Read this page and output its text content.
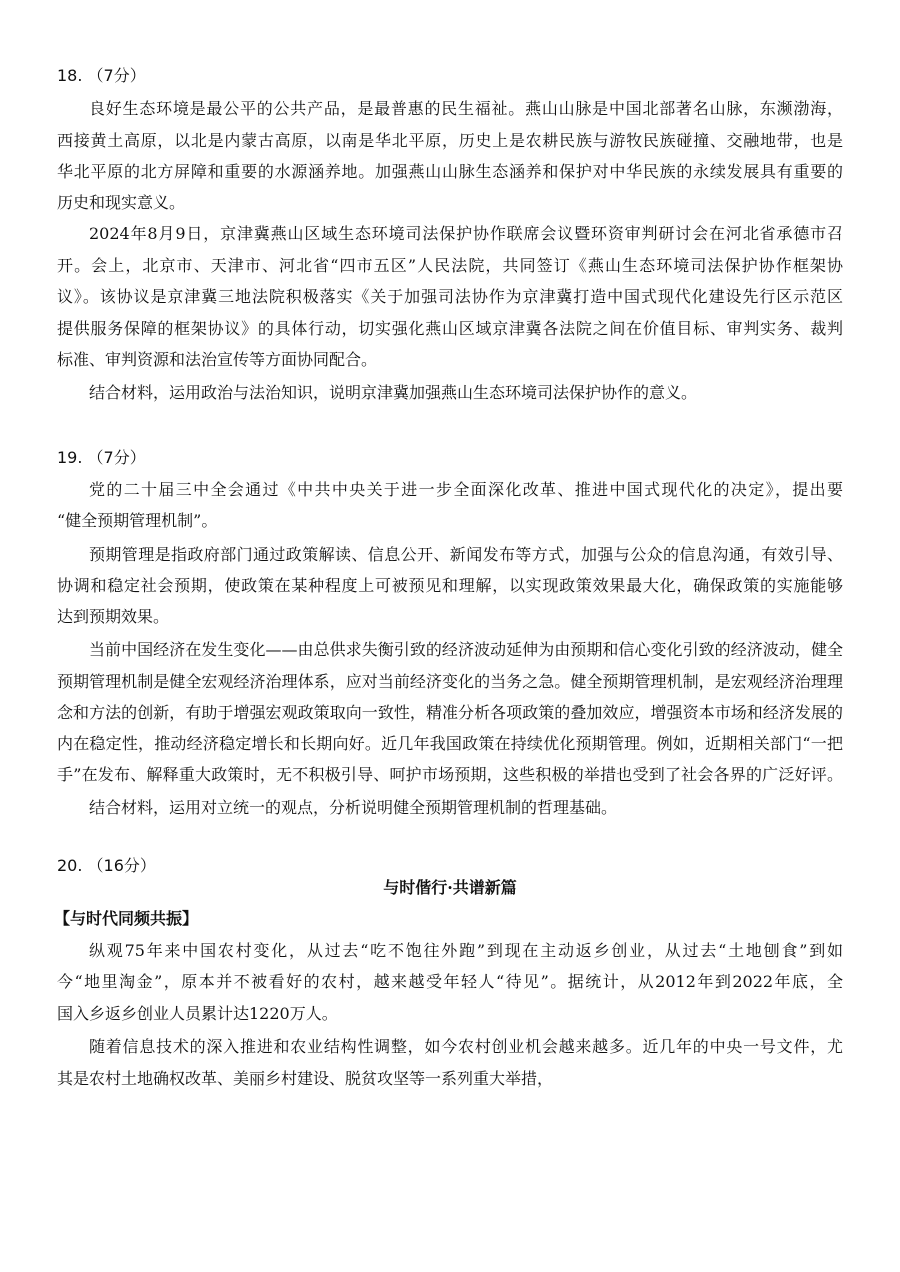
18. （7分）
良好生态环境是最公平的公共产品，是最普惠的民生福祉。燕山山脉是中国北部著名山脉，东濒渤海，
西接黄土高原，以北是内蒙古高原，以南是华北平原，历史上是农耕民族与游牧民族碰撞、交融地带，也是
华北平原的北方屏障和重要的水源涵养地。加强燕山山脉生态涵养和保护对中华民族的永续发展具有重要的
历史和现实意义。
2024年8月9日，京津冀燕山区域生态环境司法保护协作联席会议暨环资审判研讨会在河北省承德市召
开。会上，北京市、天津市、河北省“四市五区”人民法院，共同签订《燕山生态环境司法保护协作框架协
议》。该协议是京津冀三地法院积极落实《关于加强司法协作为京津冀打造中国式现代化建设先行区示范区
提供服务保障的框架协议》的具体行动，切实强化燕山区域京津冀各法院之间在价值目标、审判实务、裁判
标准、审判资源和法治宣传等方面协同配合。
结合材料，运用政治与法治知识，说明京津冀加强燕山生态环境司法保护协作的意义。
19. （7分）
党的二十届三中全会通过《中共中央关于进一步全面深化改革、推进中国式现代化的决定》，提出要
“健全预期管理机制”。
预期管理是指政府部门通过政策解读、信息公开、新闻发布等方式，加强与公众的信息沟通，有效引导、
协调和稳定社会预期，使政策在某种程度上可被预见和理解，以实现政策效果最大化，确保政策的实施能够
达到预期效果。
当前中国经济在发生变化——由总供求失衡引致的经济波动延伸为由预期和信心变化引致的经济波动，健全
预期管理机制是健全宏观经济治理体系，应对当前经济变化的当务之急。健全预期管理机制，是宏观经济治理理
念和方法的创新，有助于增强宏观政策取向一致性，精准分析各项政策的叠加效应，增强资本市场和经济发展的
内在稳定性，推动经济稳定增长和长期向好。近几年我国政策在持续优化预期管理。例如，近期相关部门“一把
手”在发布、解释重大政策时，无不积极引导、呵护市场预期，这些积极的举措也受到了社会各界的广泛好评。
结合材料，运用对立统一的观点，分析说明健全预期管理机制的哲理基础。
20. （16分）
与时偕行·共谱新篇
【与时代同频共振】
纵观75年来中国农村变化，从过去“吃不饱往外跑”到现在主动返乡创业，从过去“土地刨食”到如
今“地里淘金”，原本并不被看好的农村，越来越受年轻人“待见”。据统计，从2012年到2022年底，全
国入乡返乡创业人员累计达1220万人。
随着信息技术的深入推进和农业结构性调整，如今农村创业机会越来越多。近几年的中央一号文件，尤
其是农村土地确权改革、美丽乡村建设、脱贫攻坚等一系列重大举措，
